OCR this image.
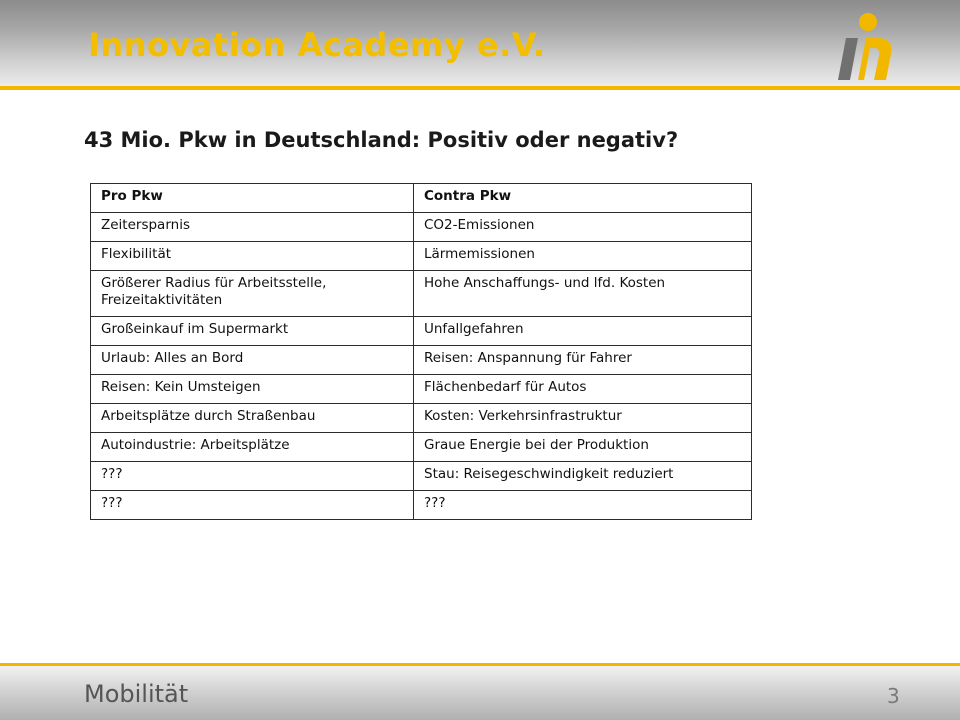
Innovation Academy e.V.
43 Mio. Pkw in Deutschland: Positiv oder negativ?
Pro Pkw	Contra Pkw
Zeitersparnis	CO2-Emissionen
Flexibilität	Lärmemissionen
Größerer Radius für Arbeitsstelle, Freizeitaktivitäten	Hohe Anschaffungs- und lfd. Kosten
Großeinkauf im Supermarkt	Unfallgefahren
Urlaub: Alles an Bord	Reisen: Anspannung für Fahrer
Reisen: Kein Umsteigen	Flächenbedarf für Autos
Arbeitsplätze durch Straßenbau	Kosten: Verkehrsinfrastruktur
Autoindustrie: Arbeitsplätze	Graue Energie bei der Produktion
???	Stau: Reisegeschwindigkeit reduziert
???	???
Mobilität	3
